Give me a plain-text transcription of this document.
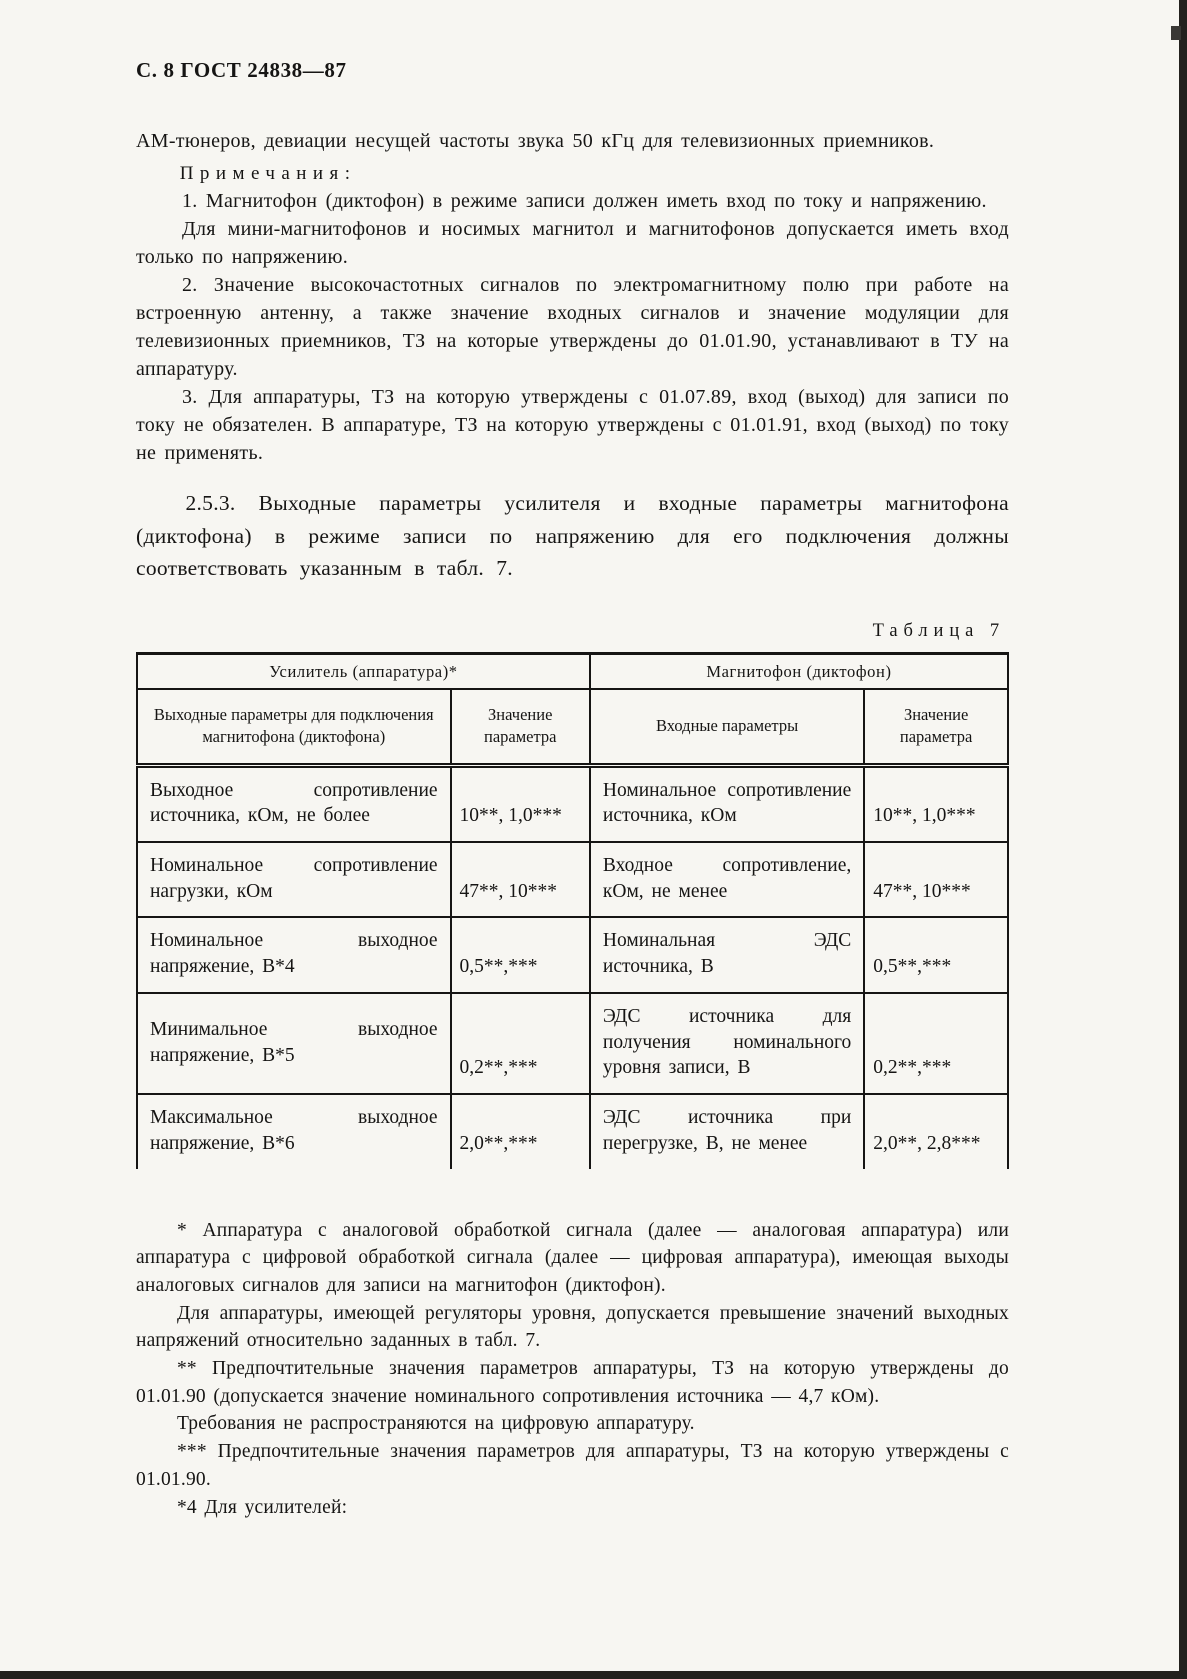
С. 8 ГОСТ 24838—87

АМ-тюнеров, девиации несущей частоты звука 50 кГц для телевизионных приемников.

Примечания:

1. Магнитофон (диктофон) в режиме записи должен иметь вход по току и напряжению.

Для мини-магнитофонов и носимых магнитол и магнитофонов допускается иметь вход только по напряжению.

2. Значение высокочастотных сигналов по электромагнитному полю при работе на встроенную антенну, а также значение входных сигналов и значение модуляции для телевизионных приемников, ТЗ на которые утверждены до 01.01.90, устанавливают в ТУ на аппаратуру.

3. Для аппаратуры, ТЗ на которую утверждены с 01.07.89, вход (выход) для записи по току не обязателен. В аппаратуре, ТЗ на которую утверждены с 01.01.91, вход (выход) по току не применять.

2.5.3. Выходные параметры усилителя и входные параметры магнитофона (диктофона) в режиме записи по напряжению для его подключения должны соответствовать указанным в табл. 7.

Таблица 7
Усилитель (аппаратура)*		Магнитофон (диктофон)	
Выходные параметры для подключения магнитофона (диктофона)	Значение параметра	Входные параметры	Значение параметра
Выходное сопротивление источника, кОм, не более	10**, 1,0***	Номинальное сопротивление источника, кОм	10**, 1,0***
Номинальное сопротивление нагрузки, кОм	47**, 10***	Входное сопротивление, кОм, не менее	47**, 10***
Номинальное выходное напряжение, В*4	0,5**,***	Номинальная ЭДС источника, В	0,5**,***
Минимальное выходное напряжение, В*5	0,2**,***	ЭДС источника для получения номинального уровня записи, В	0,2**,***
Максимальное выходное напряжение, В*6	2,0**,***	ЭДС источника при перегрузке, В, не менее	2,0**, 2,8***

* Аппаратура с аналоговой обработкой сигнала (далее — аналоговая аппаратура) или аппаратура с цифровой обработкой сигнала (далее — цифровая аппаратура), имеющая выходы аналоговых сигналов для записи на магнитофон (диктофон).

Для аппаратуры, имеющей регуляторы уровня, допускается превышение значений выходных напряжений относительно заданных в табл. 7.

** Предпочтительные значения параметров аппаратуры, ТЗ на которую утверждены до 01.01.90 (допускается значение номинального сопротивления источника — 4,7 кОм).

Требования не распространяются на цифровую аппаратуру.

*** Предпочтительные значения параметров для аппаратуры, ТЗ на которую утверждены с 01.01.90.

*4 Для усилителей:
